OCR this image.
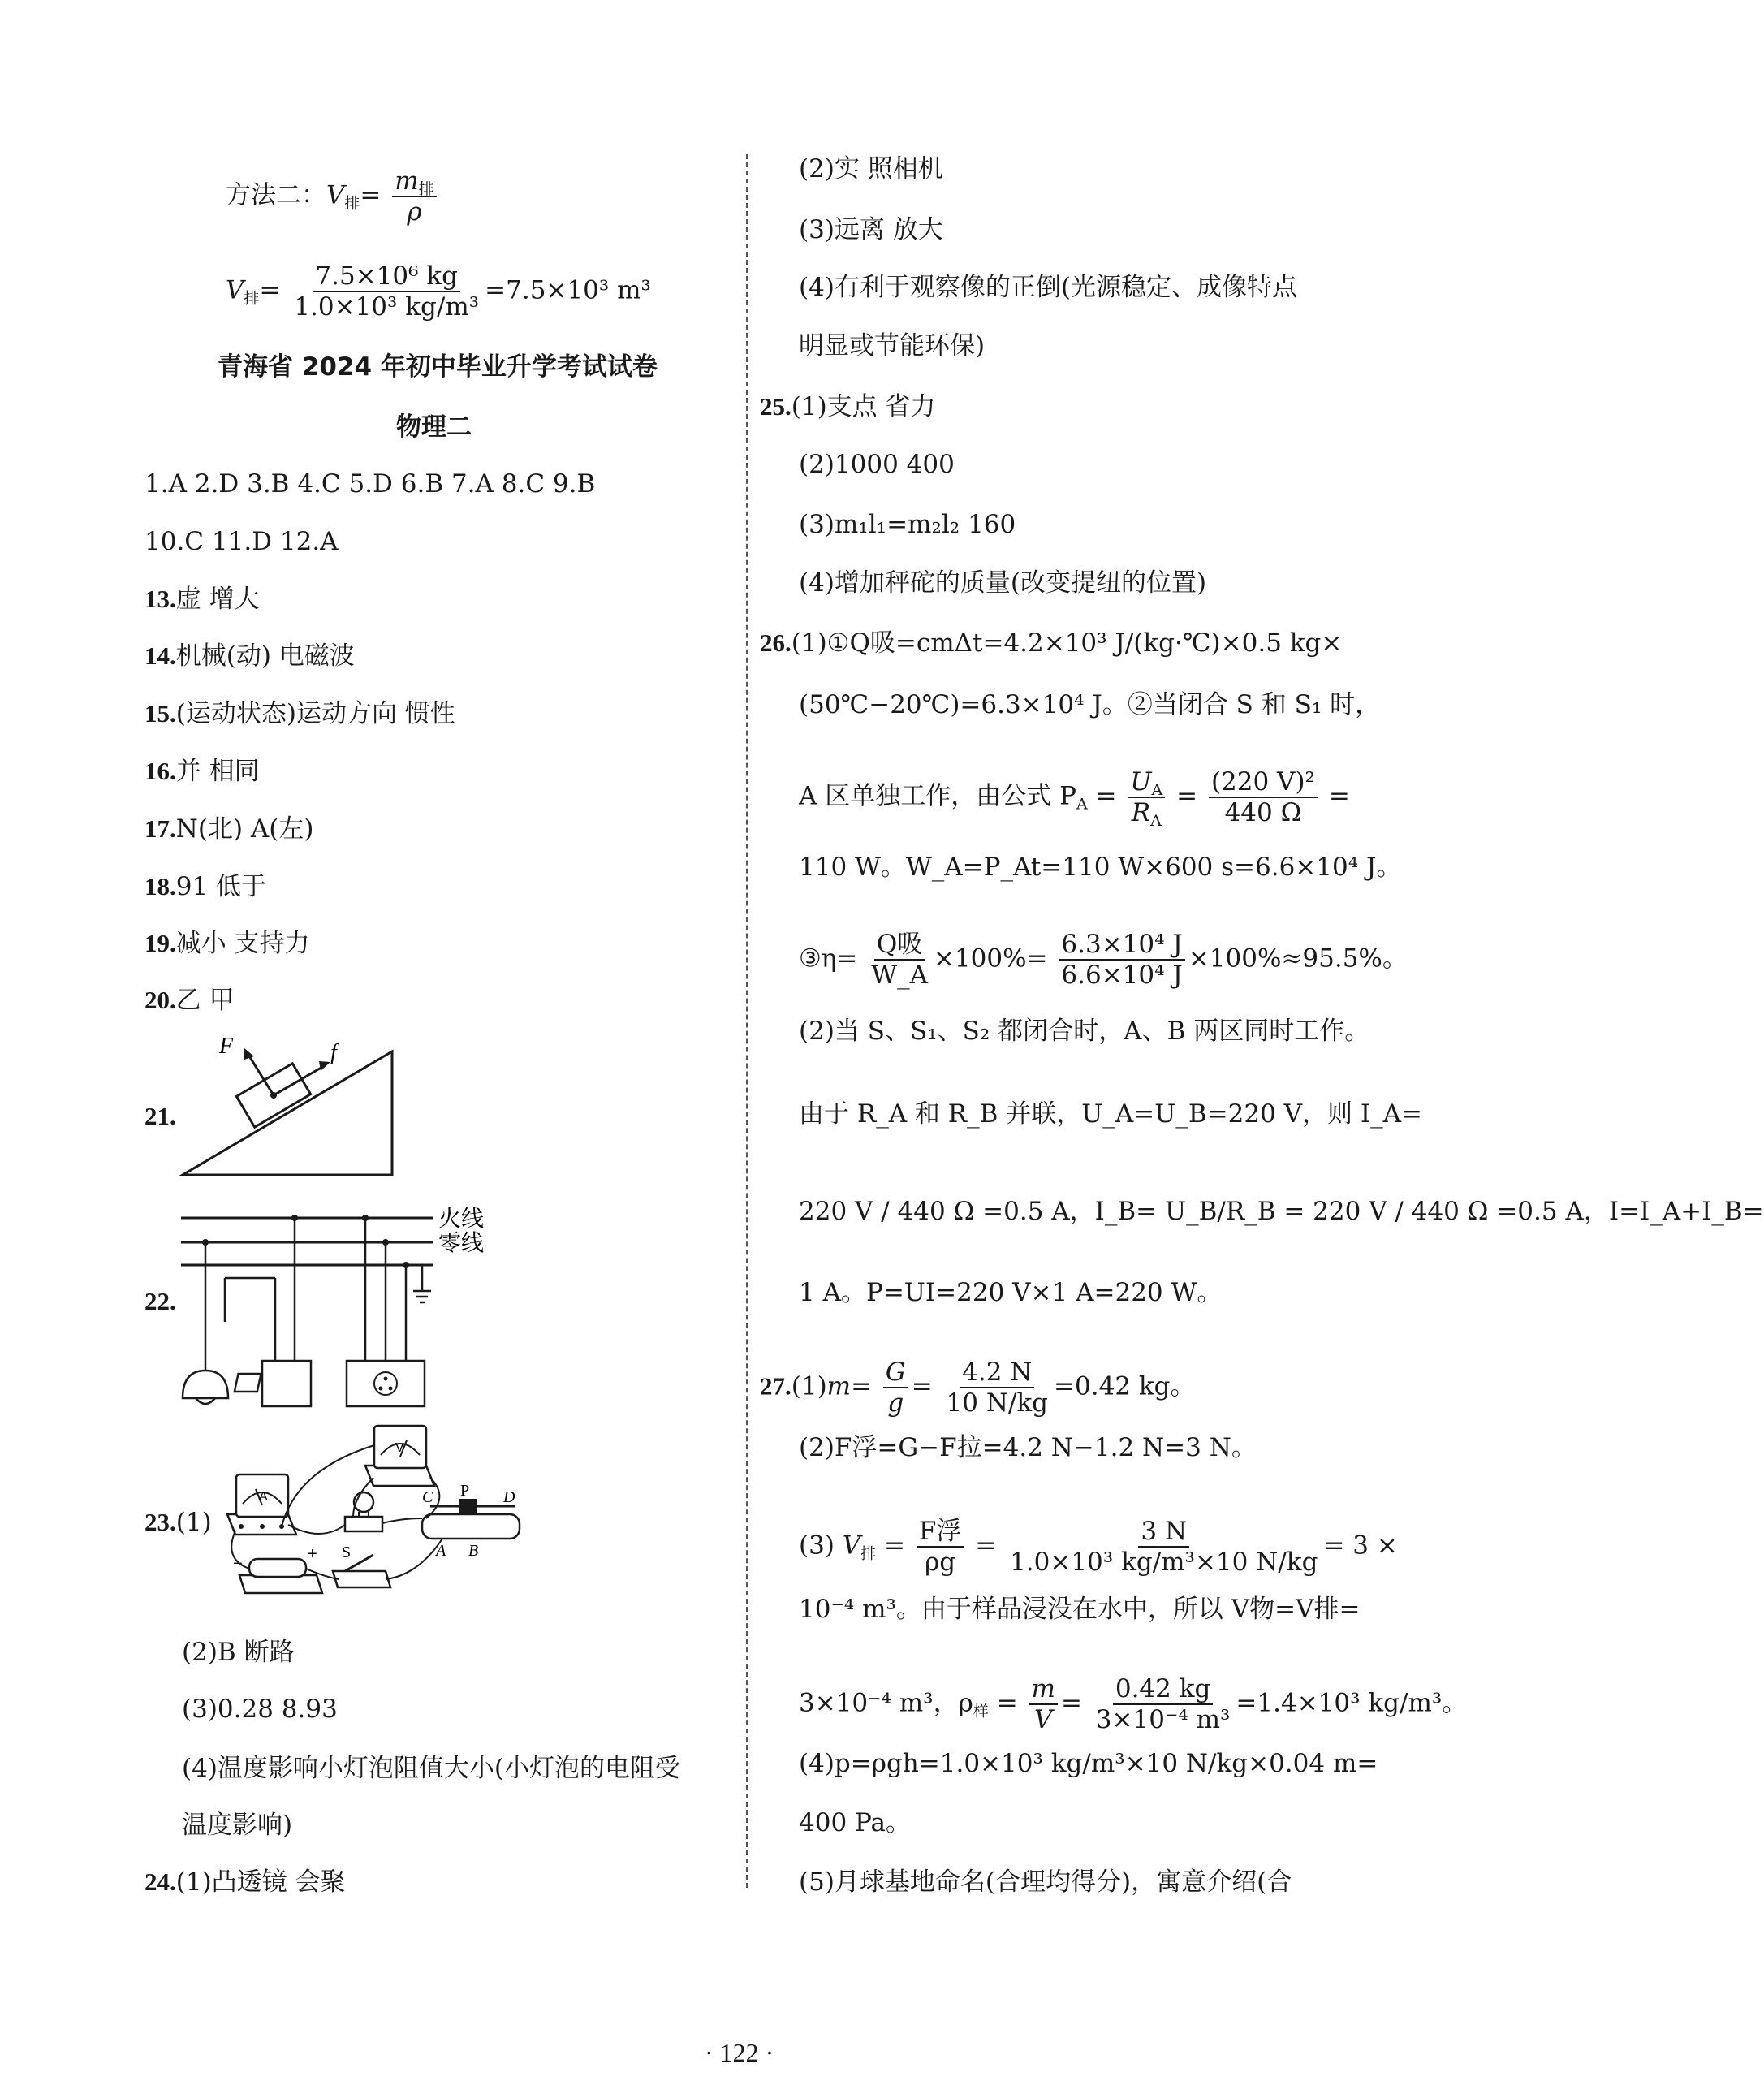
方法二：$V_排= \frac{m_排}{\rho}$
$V_排= \frac{\text{7.5×10⁶ kg}}{\text{1.0×10³ kg/m³}} =7.5\times 10^3$ m³
青海省 2024 年初中毕业升学考试试卷
物理二
1.A 2.D 3.B 4.C 5.D 6.B 7.A 8.C 9.B
10.C 11.D 12.A
13.虚 增大
14.机械(动) 电磁波
15.(运动状态)运动方向 惯性
16.并 相同
17.N(北) A(左)
18.91 低于
19.减小 支持力
20.乙 甲
21.
F	f
22.
火线
零线
23.(1)
A
V
C P D
A B
−
+ S
(2)B 断路
(3)0.28 8.93
(4)温度影响小灯泡阻值大小(小灯泡的电阻受
温度影响)
24.(1)凸透镜 会聚
(2)实 照相机
(3)远离 放大
(4)有利于观察像的正倒(光源稳定、成像特点
明显或节能环保)
25.(1)支点 省力
(2)1000 400
(3)m₁l₁=m₂l₂ 160
(4)增加秤砣的质量(改变提纽的位置)
26.(1)①Q吸=cmΔt=4.2×10³ J/(kg·℃)×0.5 kg×
(50℃−20℃)=6.3×10⁴ J。②当闭合 S 和 S₁ 时，
A 区单独工作，由公式 $P_A = \frac{U_A}{R_A} = \frac{\text{(220 V)²}}{440 \Omega}$ =
110 W。W_A=P_At=110 W×600 s=6.6×10⁴ J。
③η= $\frac{\text{Q吸}}{W\_A} \times 100\%= \frac{\text{6.3×10⁴ J}}{\text{6.6×10⁴ J}} \times 100\%\approx 95.5\%$。
(2)当 S、S₁、S₂ 都闭合时，A、B 两区同时工作。
由于 R_A 和 R_B 并联，U_A=U_B=220 V，则 I_A=
220 V / 440 Ω =0.5 A，I_B= U_B/R_B = 220 V / 440 Ω =0.5 A，I=I_A+I_B=
1 A。P=UI=220 V×1 A=220 W。
$27.(1)m= \frac{G}{g} = \frac{4.2 N}{10 N/kg} =0.42$ kg。
(2)F浮=G−F拉=4.2 N−1.2 N=3 N。
(3) $V_排 = \frac{\text{F浮}}{\rho g} = \frac{3 N}{\text{1.0×10³ kg/m³×10 N/kg}} = 3$ ×
10⁻⁴ m³。由于样品浸没在水中，所以 V物=V排=
3×10⁻⁴ m³，$\rho_样 = \frac{m}{V} = \frac{0.42 kg}{\text{3×10⁻⁴ m³}} =1.4\times 10^3$ kg/m³。
(4)p=ρgh=1.0×10³ kg/m³×10 N/kg×0.04 m=
400 Pa。
(5)月球基地命名(合理均得分)，寓意介绍(合
· 122 ·
